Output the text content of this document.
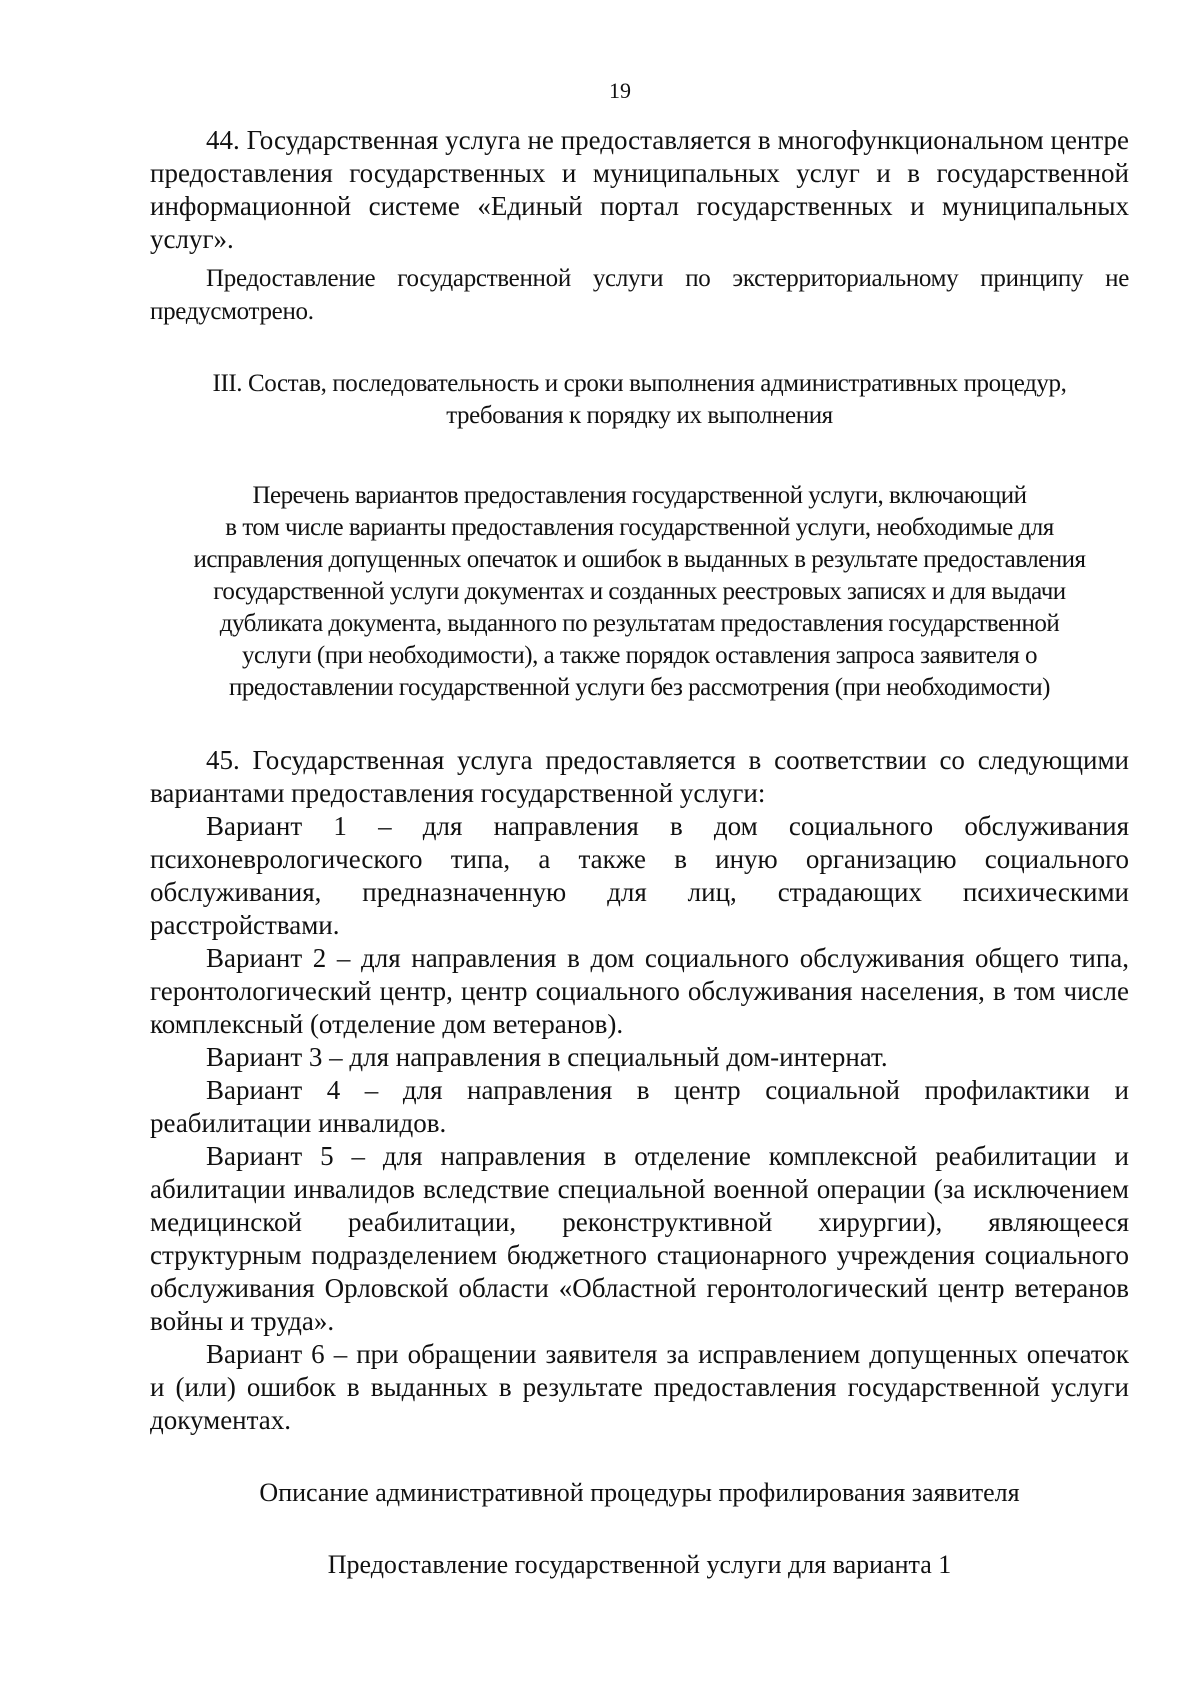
19

44. Государственная услуга не предоставляется в многофункциональном центре предоставления государственных и муниципальных услуг и в государственной информационной системе «Единый портал государственных и муниципальных услуг».

Предоставление государственной услуги по экстерриториальному принципу не предусмотрено.

III. Состав, последовательность и сроки выполнения административных процедур,
требования к порядку их выполнения
Перечень вариантов предоставления государственной услуги, включающий
в том числе варианты предоставления государственной услуги, необходимые для
исправления допущенных опечаток и ошибок в выданных в результате предоставления
государственной услуги документах и созданных реестровых записях и для выдачи
дубликата документа, выданного по результатам предоставления государственной
услуги (при необходимости), а также порядок оставления запроса заявителя о
предоставлении государственной услуги без рассмотрения (при необходимости)

45. Государственная услуга предоставляется в соответствии со следующими вариантами предоставления государственной услуги:

Вариант 1 – для направления в дом социального обслуживания психоневрологического типа, а также в иную организацию социального обслуживания, предназначенную для лиц, страдающих психическими расстройствами.

Вариант 2 – для направления в дом социального обслуживания общего типа, геронтологический центр, центр социального обслуживания населения, в том числе комплексный (отделение дом ветеранов).

Вариант 3 – для направления в специальный дом-интернат.

Вариант 4 – для направления в центр социальной профилактики и реабилитации инвалидов.

Вариант 5 – для направления в отделение комплексной реабилитации и абилитации инвалидов вследствие специальной военной операции (за исключением медицинской реабилитации, реконструктивной хирургии), являющееся структурным подразделением бюджетного стационарного учреждения социального обслуживания Орловской области «Областной геронтологический центр ветеранов войны и труда».

Вариант 6 – при обращении заявителя за исправлением допущенных опечаток и (или) ошибок в выданных в результате предоставления государственной услуги документах.

Описание административной процедуры профилирования заявителя

Предоставление государственной услуги для варианта 1
